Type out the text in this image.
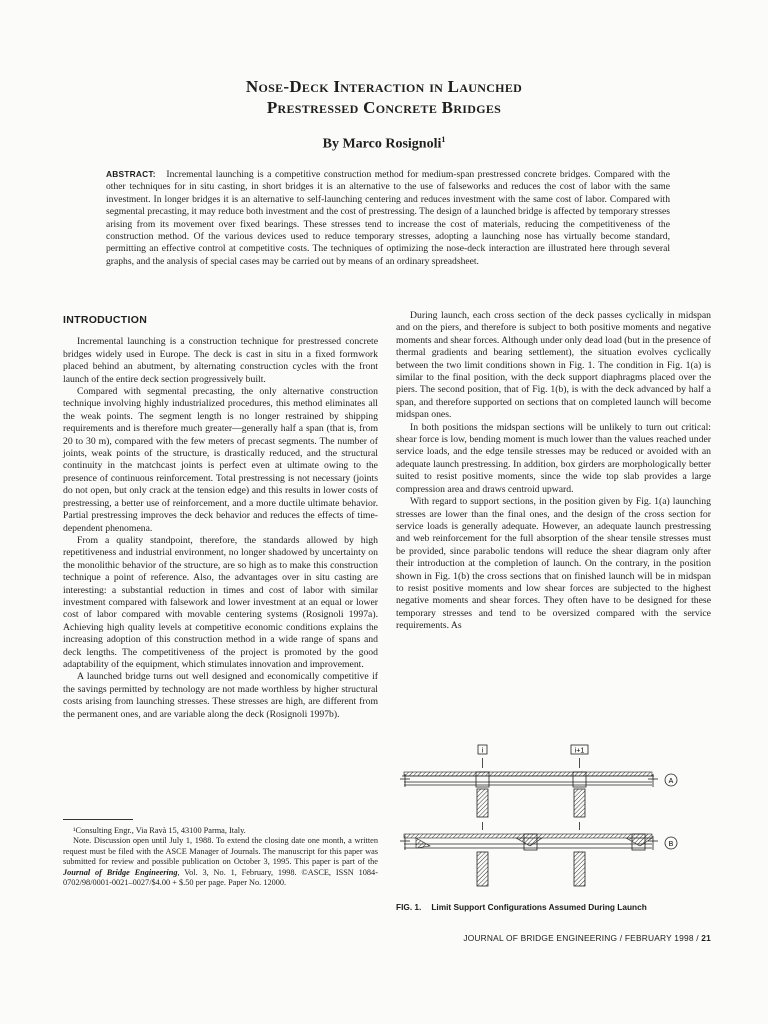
Nose-Deck Interaction in Launched
Prestressed Concrete Bridges

By Marco Rosignoli$^1$

ABSTRACT: Incremental launching is a competitive construction method for medium-span prestressed concrete bridges. Compared with the other techniques for in situ casting, in short bridges it is an alternative to the use of falseworks and reduces the cost of labor with the same investment. In longer bridges it is an alternative to self-launching centering and reduces investment with the same cost of labor. Compared with segmental precasting, it may reduce both investment and the cost of prestressing. The design of a launched bridge is affected by temporary stresses arising from its movement over fixed bearings. These stresses tend to increase the cost of materials, reducing the competitiveness of the construction method. Of the various devices used to reduce temporary stresses, adopting a launching nose has virtually become standard, permitting an effective control at competitive costs. The techniques of optimizing the nose-deck interaction are illustrated here through several graphs, and the analysis of special cases may be carried out by means of an ordinary spreadsheet.

INTRODUCTION

Incremental launching is a construction technique for prestressed concrete bridges widely used in Europe. The deck is cast in situ in a fixed formwork placed behind an abutment, by alternating construction cycles with the front launch of the entire deck section progressively built.

Compared with segmental precasting, the only alternative construction technique involving highly industrialized procedures, this method eliminates all the weak points. The segment length is no longer restrained by shipping requirements and is therefore much greater—generally half a span (that is, from 20 to 30 m), compared with the few meters of precast segments. The number of joints, weak points of the structure, is drastically reduced, and the structural continuity in the matchcast joints is perfect even at ultimate owing to the presence of continuous reinforcement. Total prestressing is not necessary (joints do not open, but only crack at the tension edge) and this results in lower costs of prestressing, a better use of reinforcement, and a more ductile ultimate behavior. Partial prestressing improves the deck behavior and reduces the effects of time-dependent phenomena.

From a quality standpoint, therefore, the standards allowed by high repetitiveness and industrial environment, no longer shadowed by uncertainty on the monolithic behavior of the structure, are so high as to make this construction technique a point of reference. Also, the advantages over in situ casting are interesting: a substantial reduction in times and cost of labor with similar investment compared with falsework and lower investment at an equal or lower cost of labor compared with movable centering systems (Rosignoli 1997a). Achieving high quality levels at competitive economic conditions explains the increasing adoption of this construction method in a wide range of spans and deck lengths. The competitiveness of the project is promoted by the good adaptability of the equipment, which stimulates innovation and improvement.

A launched bridge turns out well designed and economically competitive if the savings permitted by technology are not made worthless by higher structural costs arising from launching stresses. These stresses are high, are different from the permanent ones, and are variable along the deck (Rosignoli 1997b).

¹Consulting Engr., Via Ravà 15, 43100 Parma, Italy.

Note. Discussion open until July 1, 1988. To extend the closing date one month, a written request must be filed with the ASCE Manager of Journals. The manuscript for this paper was submitted for review and possible publication on October 3, 1995. This paper is part of the Journal of Bridge Engineering, Vol. 3, No. 1, February, 1998. ©ASCE, ISSN 1084-0702/98/0001-0021–0027/$4.00 + $.50 per page. Paper No. 12000.

During launch, each cross section of the deck passes cyclically in midspan and on the piers, and therefore is subject to both positive moments and negative moments and shear forces. Although under only dead load (but in the presence of thermal gradients and bearing settlement), the situation evolves cyclically between the two limit conditions shown in Fig. 1. The condition in Fig. 1(a) is similar to the final position, with the deck support diaphragms placed over the piers. The second position, that of Fig. 1(b), is with the deck advanced by half a span, and therefore supported on sections that on completed launch will become midspan ones.

In both positions the midspan sections will be unlikely to turn out critical: shear force is low, bending moment is much lower than the values reached under service loads, and the edge tensile stresses may be reduced or avoided with an adequate launch prestressing. In addition, box girders are morphologically better suited to resist positive moments, since the wide top slab provides a large compression area and draws centroid upward.

With regard to support sections, in the position given by Fig. 1(a) launching stresses are lower than the final ones, and the design of the cross section for service loads is generally adequate. However, an adequate launch prestressing and web reinforcement for the full absorption of the shear tensile stresses must be provided, since parabolic tendons will reduce the shear diagram only after their introduction at the completion of launch. On the contrary, in the position shown in Fig. 1(b) the cross sections that on finished launch will be in midspan to resist positive moments and low shear forces are subjected to the highest negative moments and shear forces. They often have to be designed for these temporary stresses and tend to be oversized compared with the service requirements. As

i	i+1
A
B
FIG. 1. Limit Support Configurations Assumed During Launch
JOURNAL OF BRIDGE ENGINEERING / FEBRUARY 1998 / 21
